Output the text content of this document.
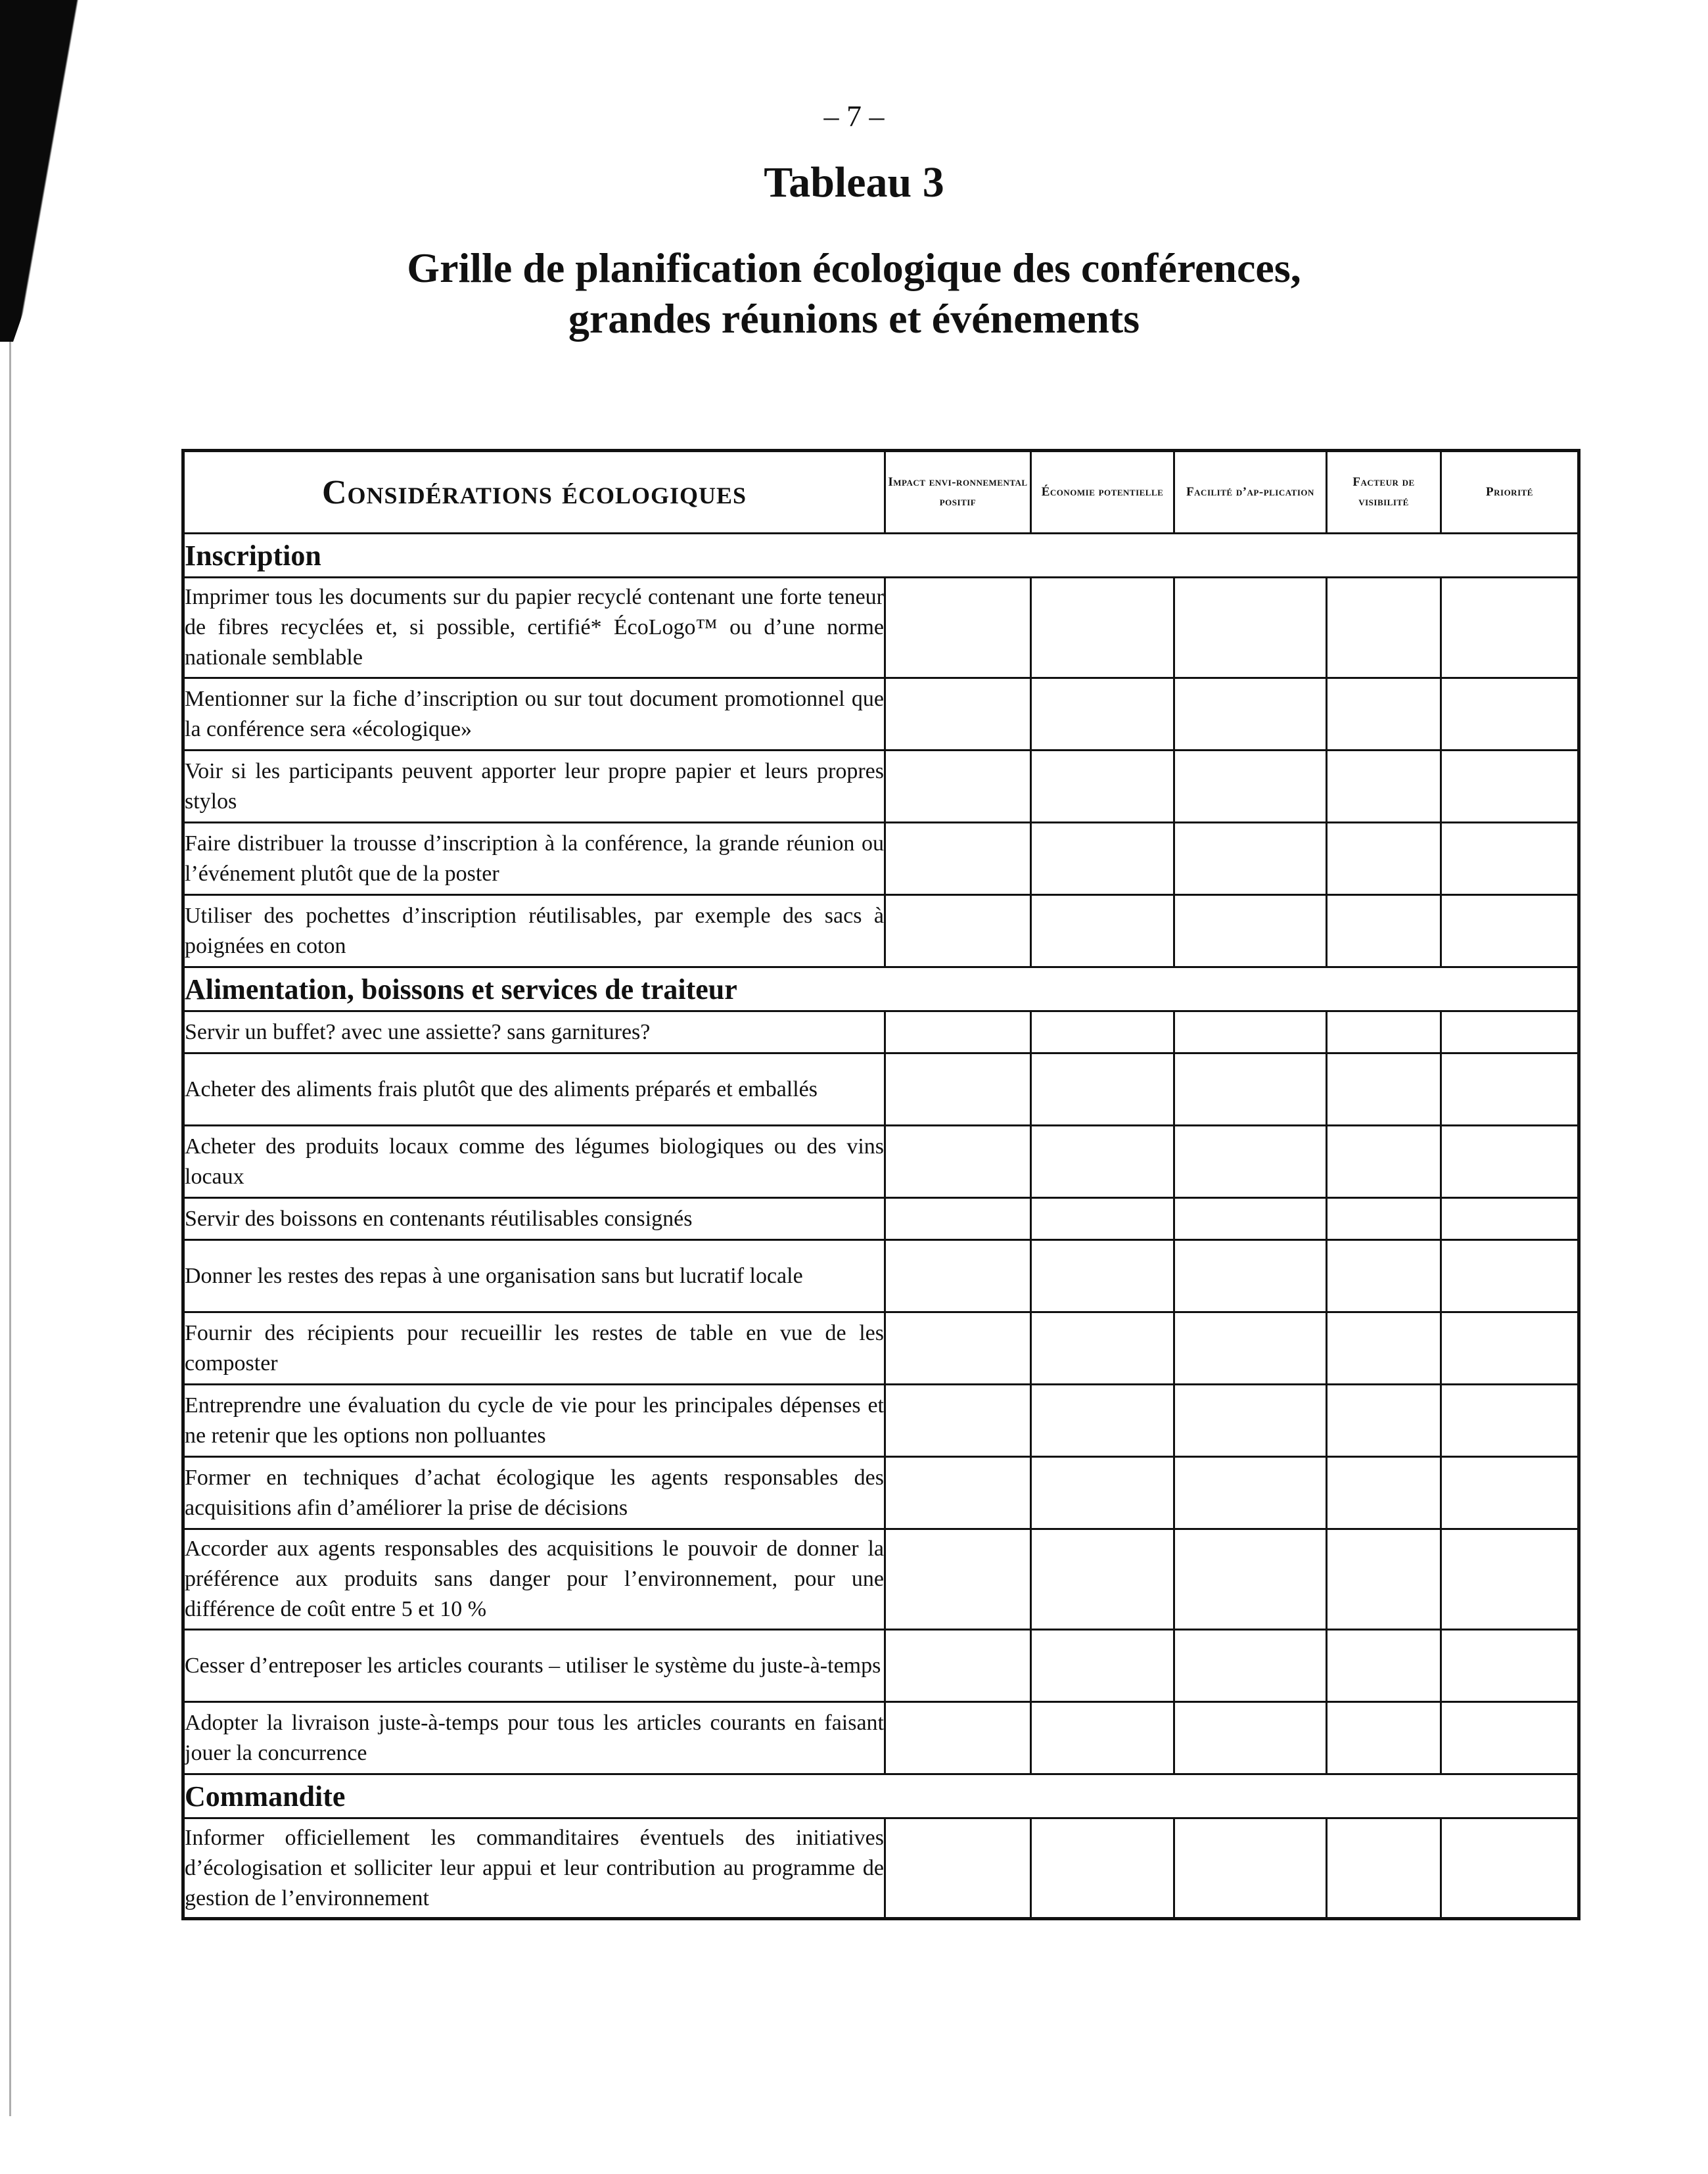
– 7 –
Tableau 3
Grille de planification écologique des conférences,
grandes réunions et événements
Considérations écologiques	Impact envi-ronnemental positif	Économie potentielle	Facilité d’ap-plication	Facteur de visibilité	Priorité
Inscription					
Imprimer tous les documents sur du papier recyclé contenant une forte teneur de fibres recyclées et, si possible, certifié* ÉcoLogo™ ou d’une norme nationale semblable					
Mentionner sur la fiche d’inscription ou sur tout document promotionnel que la conférence sera «écologique»					
Voir si les participants peuvent apporter leur propre papier et leurs propres stylos					
Faire distribuer la trousse d’inscription à la conférence, la grande réunion ou l’événement plutôt que de la poster					
Utiliser des pochettes d’inscription réutilisables, par exemple des sacs à poignées en coton					
Alimentation, boissons et services de traiteur					
Servir un buffet? avec une assiette? sans garnitures?					
Acheter des aliments frais plutôt que des aliments préparés et emballés					
Acheter des produits locaux comme des légumes biologiques ou des vins locaux					
Servir des boissons en contenants réutilisables consignés					
Donner les restes des repas à une organisation sans but lucratif locale					
Fournir des récipients pour recueillir les restes de table en vue de les composter					
Entreprendre une évaluation du cycle de vie pour les principales dépenses et ne retenir que les options non polluantes					
Former en techniques d’achat écologique les agents responsables des acquisitions afin d’améliorer la prise de décisions					
Accorder aux agents responsables des acquisitions le pouvoir de donner la préférence aux produits sans danger pour l’environnement, pour une différence de coût entre 5 et 10 %					
Cesser d’entreposer les articles courants – utiliser le système du juste-à-temps					
Adopter la livraison juste-à-temps pour tous les articles courants en faisant jouer la concurrence					
Commandite					
Informer officiellement les commanditaires éventuels des initiatives d’écologisation et solliciter leur appui et leur contribution au programme de gestion de l’environnement					
